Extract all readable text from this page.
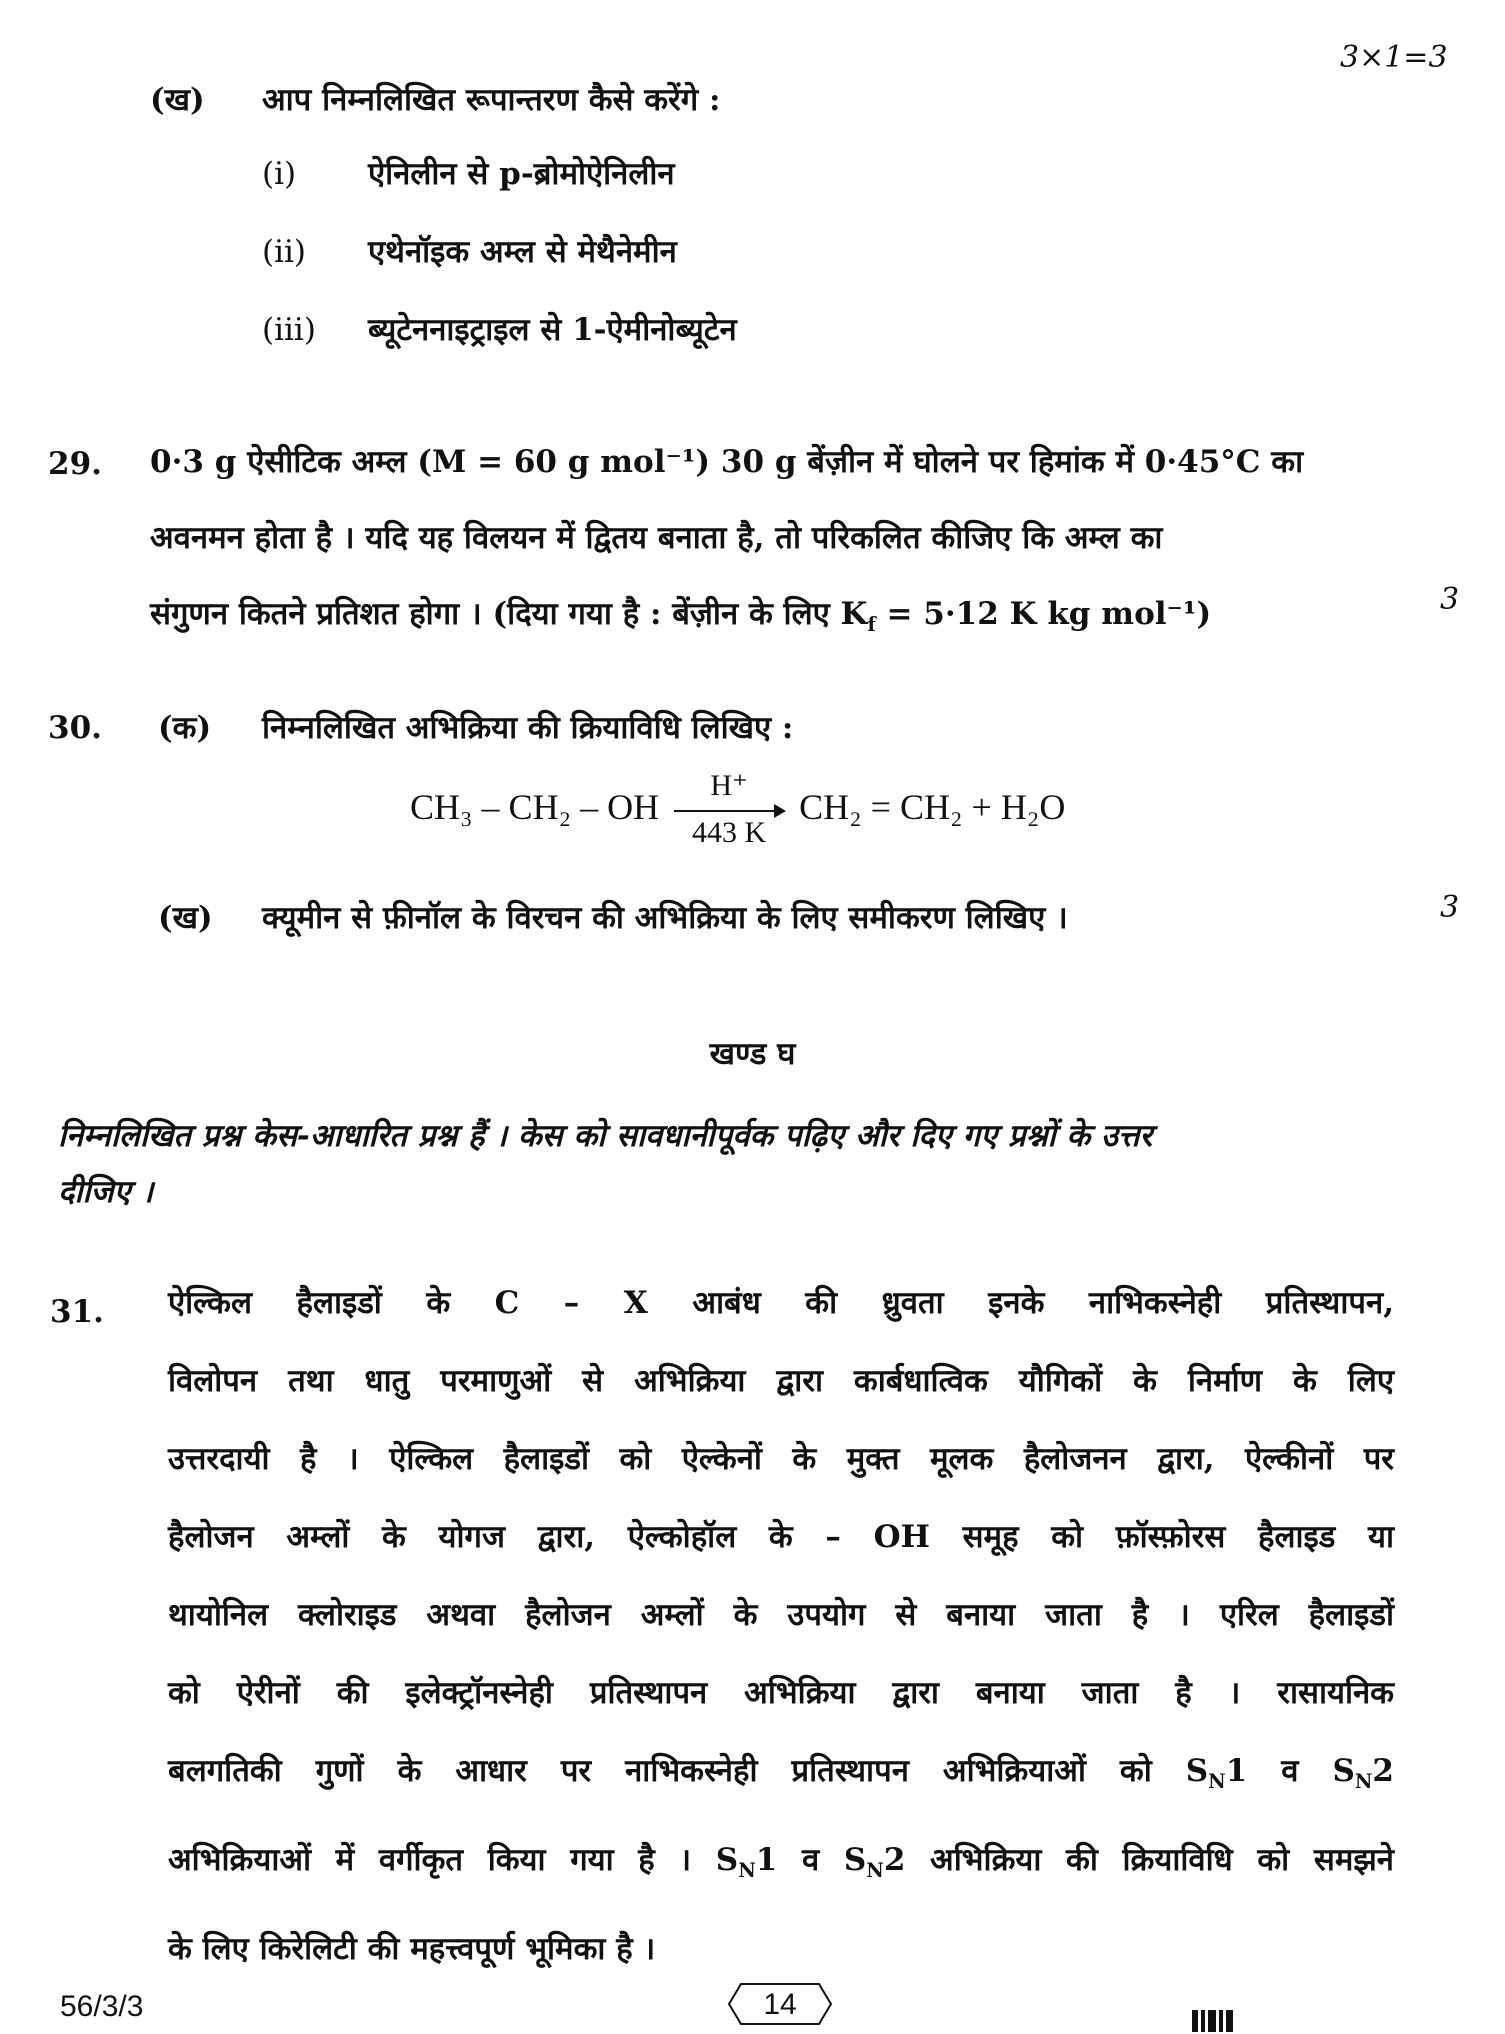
3×1=3
(ख) आप निम्नलिखित रूपान्तरण कैसे करेंगे :
(i) ऐनिलीन से p-ब्रोमोऐनिलीन
(ii) एथेनॉइक अम्ल से मेथैनेमीन
(iii) ब्यूटेननाइट्राइल से 1-ऐमीनोब्यूटेन
29. 0·3 g ऐसीटिक अम्ल (M = 60 g mol⁻¹) 30 g बेंज़ीन में घोलने पर हिमांक में 0·45°C का
अवनमन होता है । यदि यह विलयन में द्वितय बनाता है, तो परिकलित कीजिए कि अम्ल का
संगुणन कितने प्रतिशत होगा । (दिया गया है : बेंज़ीन के लिए $K_f = 5\cdot 12$ K kg mol⁻¹)	3
30. (क) निम्नलिखित अभिक्रिया की क्रियाविधि लिखिए :
CH₃ – CH₂ – OH $\frac{H^+}{443 K} CH_2 = CH_2 + H_2O$
(ख) क्यूमीन से फ़ीनॉल के विरचन की अभिक्रिया के लिए समीकरण लिखिए ।	3
खण्ड घ
निम्नलिखित प्रश्न केस-आधारित प्रश्न हैं । केस को सावधानीपूर्वक पढ़िए और दिए गए प्रश्नों के उत्तर
दीजिए ।
31. ऐल्किल हैलाइडों के C – X आबंध की ध्रुवता इनके नाभिकस्नेही प्रतिस्थापन,
विलोपन तथा धातु परमाणुओं से अभिक्रिया द्वारा कार्बधात्विक यौगिकों के निर्माण के लिए
उत्तरदायी है । ऐल्किल हैलाइडों को ऐल्केनों के मुक्त मूलक हैलोजनन द्वारा, ऐल्कीनों पर
हैलोजन अम्लों के योगज द्वारा, ऐल्कोहॉल के – OH समूह को फ़ॉस्फ़ोरस हैलाइड या
थायोनिल क्लोराइड अथवा हैलोजन अम्लों के उपयोग से बनाया जाता है । एरिल हैलाइडों
को ऐरीनों की इलेक्ट्रॉनस्नेही प्रतिस्थापन अभिक्रिया द्वारा बनाया जाता है । रासायनिक
बलगतिकी गुणों के आधार पर नाभिकस्नेही प्रतिस्थापन अभिक्रियाओं को $S_N1$ व $S_N2$
अभिक्रियाओं में वर्गीकृत किया गया है । $S_N1$ व $S_N2$ अभिक्रिया की क्रियाविधि को समझने
के लिए किरेलिटी की महत्त्वपूर्ण भूमिका है ।
56/3/3	14
